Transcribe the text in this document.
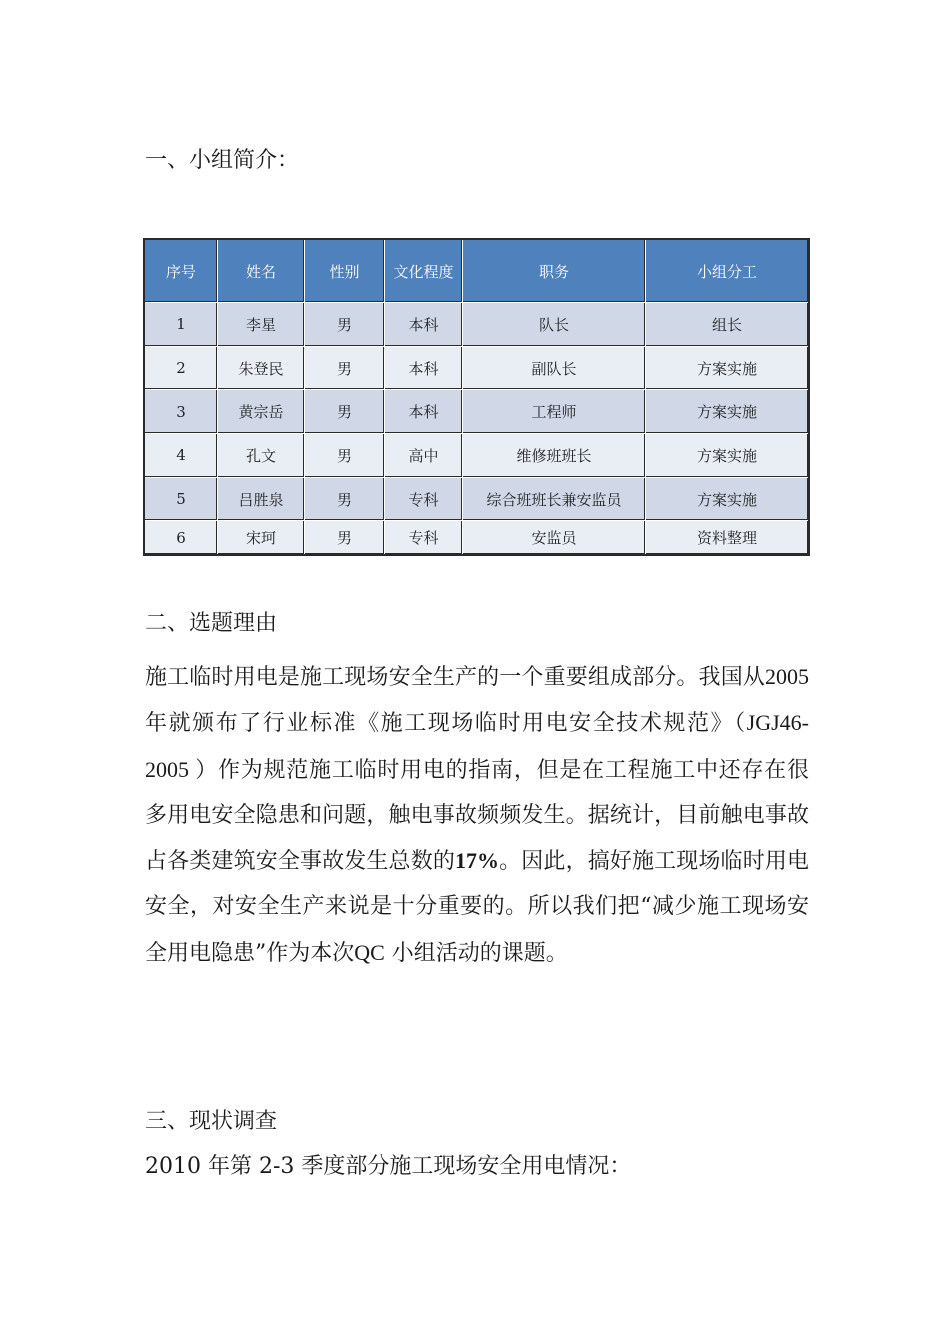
一、小组简介：
序号	姓名	性别	文化程度	职务	小组分工
1	李星	男	本科	队长	组长
2	朱登民	男	本科	副队长	方案实施
3	黄宗岳	男	本科	工程师	方案实施
4	孔文	男	高中	维修班班长	方案实施
5	吕胜泉	男	专科	综合班班长兼安监员	方案实施
6	宋珂	男	专科	安监员	资料整理
二、选题理由

施工临时用电是施工现场安全生产的一个重要组成部分。我国从2005 年就颁布了行业标准《施工现场临时用电安全技术规范》（JGJ46-2005 ）作为规范施工临时用电的指南，但是在工程施工中还存在很多用电安全隐患和问题，触电事故频频发生。据统计，目前触电事故占各类建筑安全事故发生总数的17%。因此，搞好施工现场临时用电安全，对安全生产来说是十分重要的。所以我们把“减少施工现场安全用电隐患”作为本次QC 小组活动的课题。

三、现状调查
2010 年第 2-3 季度部分施工现场安全用电情况：
